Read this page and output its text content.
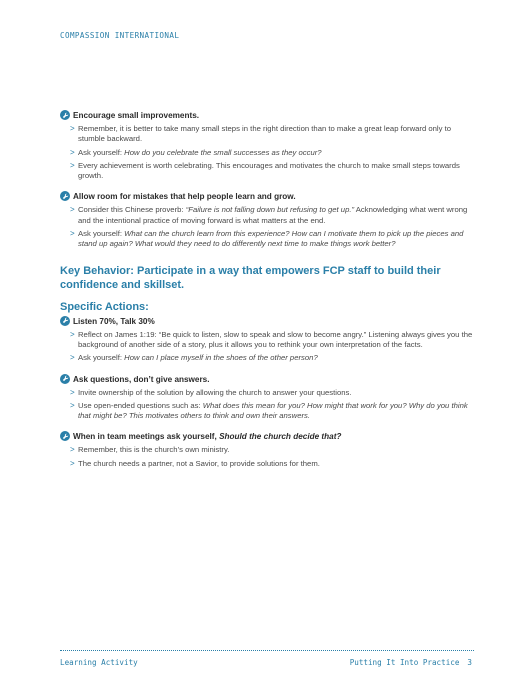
COMPASSION INTERNATIONAL
Encourage small improvements.
> Remember, it is better to take many small steps in the right direction than to make a great leap forward only to stumble backward.
> Ask yourself: How do you celebrate the small successes as they occur?
> Every achievement is worth celebrating. This encourages and motivates the church to make small steps towards growth.
Allow room for mistakes that help people learn and grow.
> Consider this Chinese proverb: “Failure is not falling down but refusing to get up.” Acknowledging what went wrong and the intentional practice of moving forward is what matters at the end.
> Ask yourself: What can the church learn from this experience? How can I motivate them to pick up the pieces and stand up again? What would they need to do differently next time to make things work better?
Key Behavior: Participate in a way that empowers FCP staff to build their confidence and skillset.
Specific Actions:
Listen 70%, Talk 30%
> Reflect on James 1:19: “Be quick to listen, slow to speak and slow to become angry.” Listening always gives you the background of another side of a story, plus it allows you to rethink your own interpretation of the facts.
> Ask yourself: How can I place myself in the shoes of the other person?
Ask questions, don’t give answers.
> Invite ownership of the solution by allowing the church to answer your questions.
> Use open-ended questions such as: What does this mean for you? How might that work for you? Why do you think that might be? This motivates others to think and own their answers.
When in team meetings ask yourself, Should the church decide that?
> Remember, this is the church’s own ministry.
> The church needs a partner, not a Savior, to provide solutions for them.
Learning Activity	Putting It Into Practice 3
